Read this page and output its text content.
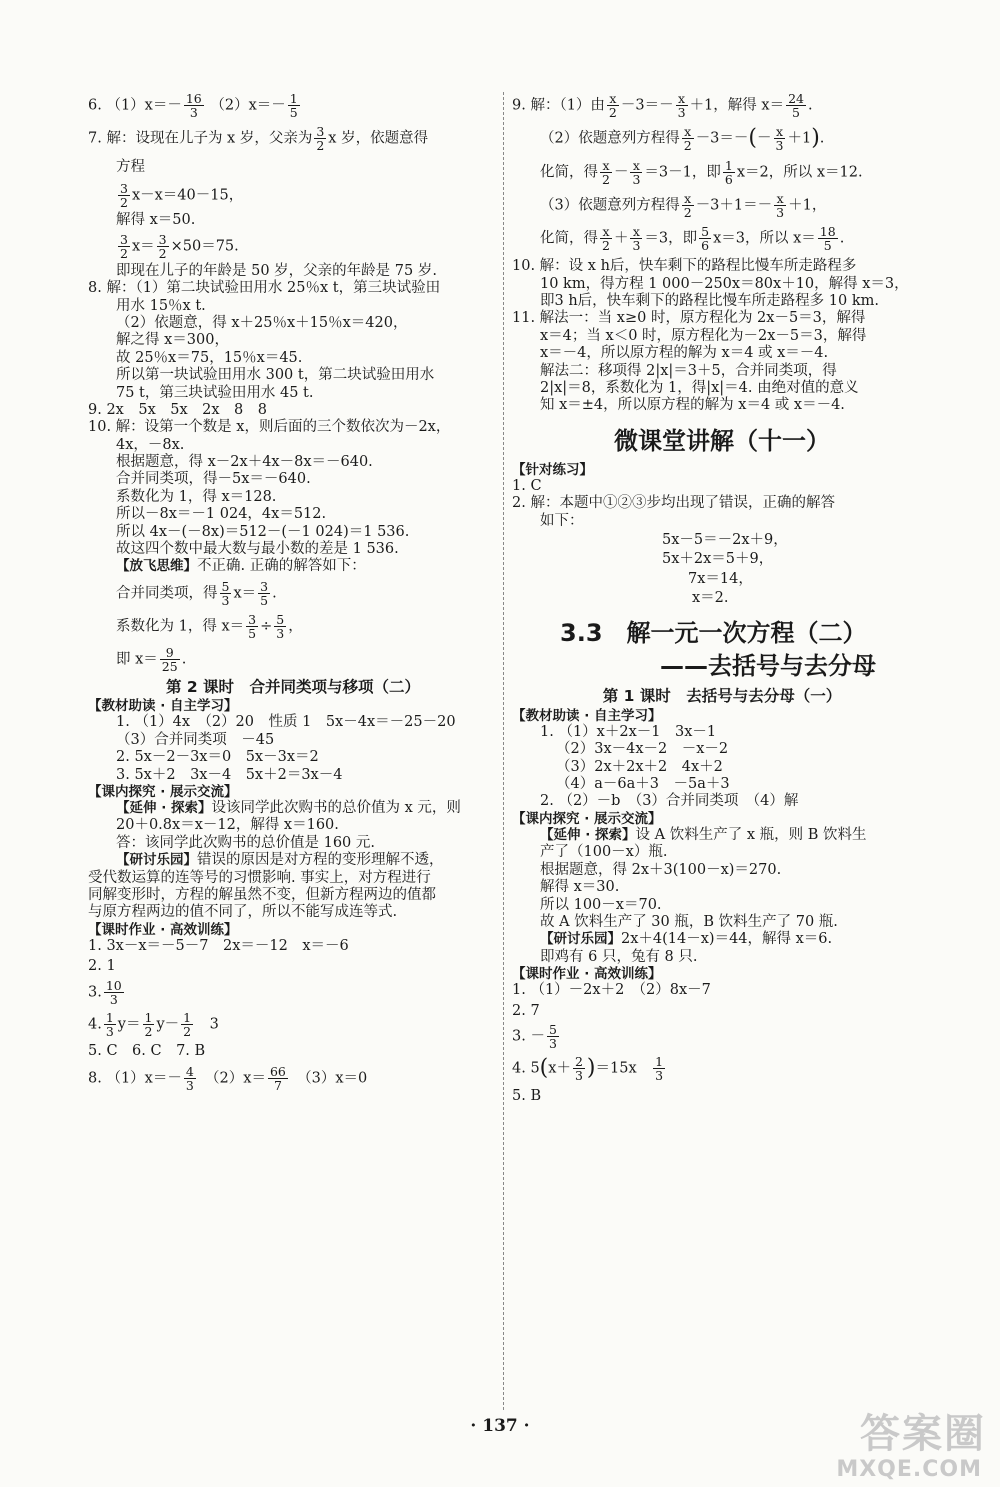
6. $(1)x=- \frac{16}{3} (2)x=- \frac{1}{5}$

7. 解：设现在儿子为 x 岁，父亲为 $\frac{3}{2}$ x 岁，依题意得

方程

$\frac{3}{2} x-x=40-15$，

解得 x＝50.

$\frac{3}{2} x= \frac{3}{2} \times 50=75$.

即现在儿子的年龄是 50 岁，父亲的年龄是 75 岁.

8. 解：（1）第二块试验田用水 25％x t，第三块试验田

用水 15％x t.

（2）依题意，得 x＋25％x＋15％x＝420，

解之得 x＝300，

故 25％x＝75，15％x＝45.

所以第一块试验田用水 300 t，第二块试验田用水

75 t，第三块试验田用水 45 t.

9. 2x　5x　5x　2x　8　8

10. 解：设第一个数是 x，则后面的三个数依次为－2x，

4x，－8x.

根据题意，得 x－2x＋4x－8x＝－640.

合并同类项，得－5x＝－640.

系数化为 1，得 x＝128.

所以－8x＝－1 024，4x＝512.

所以 4x－(－8x)＝512－(－1 024)＝1 536.

故这四个数中最大数与最小数的差是 1 536.

【放飞思维】不正确. 正确的解答如下：

合并同类项，得 $\frac{5}{3} x= \frac{3}{5}$ .

系数化为 1，得 $x= \frac{3}{5} \div \frac{5}{3}$ ，

即 $x= \frac{9}{25}$ .

第 2 课时　合并同类项与移项（二）

【教材助读 · 自主学习】

1. （1）4x　（2）20　性质 1　5x－4x＝－25－20

（3）合并同类项　－45

2. 5x－2－3x＝0　5x－3x＝2

3. 5x＋2　3x－4　5x＋2＝3x－4

【课内探究 · 展示交流】

【延伸 · 探索】设该同学此次购书的总价值为 x 元，则

20＋0.8x＝x－12，解得 x＝160.

答：该同学此次购书的总价值是 160 元.

【研讨乐园】错误的原因是对方程的变形理解不透，

受代数运算的连等号的习惯影响. 事实上，对方程进行

同解变形时，方程的解虽然不变，但新方程两边的值都

与原方程两边的值不同了，所以不能写成连等式.

【课时作业 · 高效训练】

1. 3x－x＝－5－7　2x＝－12　x＝－6

2. 1

3. $\frac{10}{3}$

4. $\frac{1}{3} y= \frac{1}{2} y- \frac{1}{2}$ 　3

5. C　6. C　7. B

8. $(1)x=- \frac{4}{3}$ 　$(2)x= \frac{66}{7}$ 　（3）x＝0

9. 解：（1）由 $\frac{x}{2} -3=- \frac{x}{3} +1$，解得 $x= \frac{24}{5}$ .

（2）依题意列方程得 $\frac{x}{2} -3=-(- \frac{x}{3} +1)$.

化简，得 $\frac{x}{2} - \frac{x}{3} =3-1$，即 $\frac{1}{6} x=2$，所以 x＝12.

（3）依题意列方程得 $\frac{x}{2} -3+1=- \frac{x}{3} +1$，

化简，得 $\frac{x}{2} + \frac{x}{3} =3$，即 $\frac{5}{6} x=3$，所以 $x= \frac{18}{5}$ .

10. 解：设 x h后，快车剩下的路程比慢车所走路程多

10 km，得方程 1 000－250x＝80x＋10，解得 x＝3，

即3 h后，快车剩下的路程比慢车所走路程多 10 km.

11. 解法一：当 x≥0 时，原方程化为 2x－5＝3，解得

x＝4；当 x＜0 时，原方程化为－2x－5＝3，解得

x＝－4，所以原方程的解为 x＝4 或 x＝－4.

解法二：移项得 2|x|＝3＋5，合并同类项，得

2|x|＝8，系数化为 1，得|x|＝4. 由绝对值的意义

知 x＝±4，所以原方程的解为 x＝4 或 x＝－4.

微课堂讲解（十一）

【针对练习】

1. C

2. 解：本题中①②③步均出现了错误，正确的解答

如下：

5x－5＝－2x＋9，

5x＋2x＝5＋9，

7x＝14，

x＝2.

3.3　解一元一次方程（二）

——去括号与去分母

第 1 课时　去括号与去分母（一）

【教材助读 · 自主学习】

1. （1）x＋2x－1　3x－1

（2）3x－4x－2　－x－2

（3）2x＋2x＋2　4x＋2

（4）a－6a＋3　－5a＋3

2. （2）－b　（3）合并同类项　（4）解

【课内探究 · 展示交流】

【延伸 · 探索】设 A 饮料生产了 x 瓶，则 B 饮料生

产了（100－x）瓶.

根据题意，得 2x＋3(100－x)＝270.

解得 x＝30.

所以 100－x＝70.

故 A 饮料生产了 30 瓶，B 饮料生产了 70 瓶.

【研讨乐园】2x＋4(14－x)＝44，解得 x＝6.

即鸡有 6 只，兔有 8 只.

【课时作业 · 高效训练】

1. （1）－2x＋2　（2）8x－7

2. 7

3. － $\frac{5}{3}$

4. $5(x+ \frac{2}{3} )=15x$　 $\frac{1}{3}$

5. B

· 137 ·	答案圈
MXQE.COM
